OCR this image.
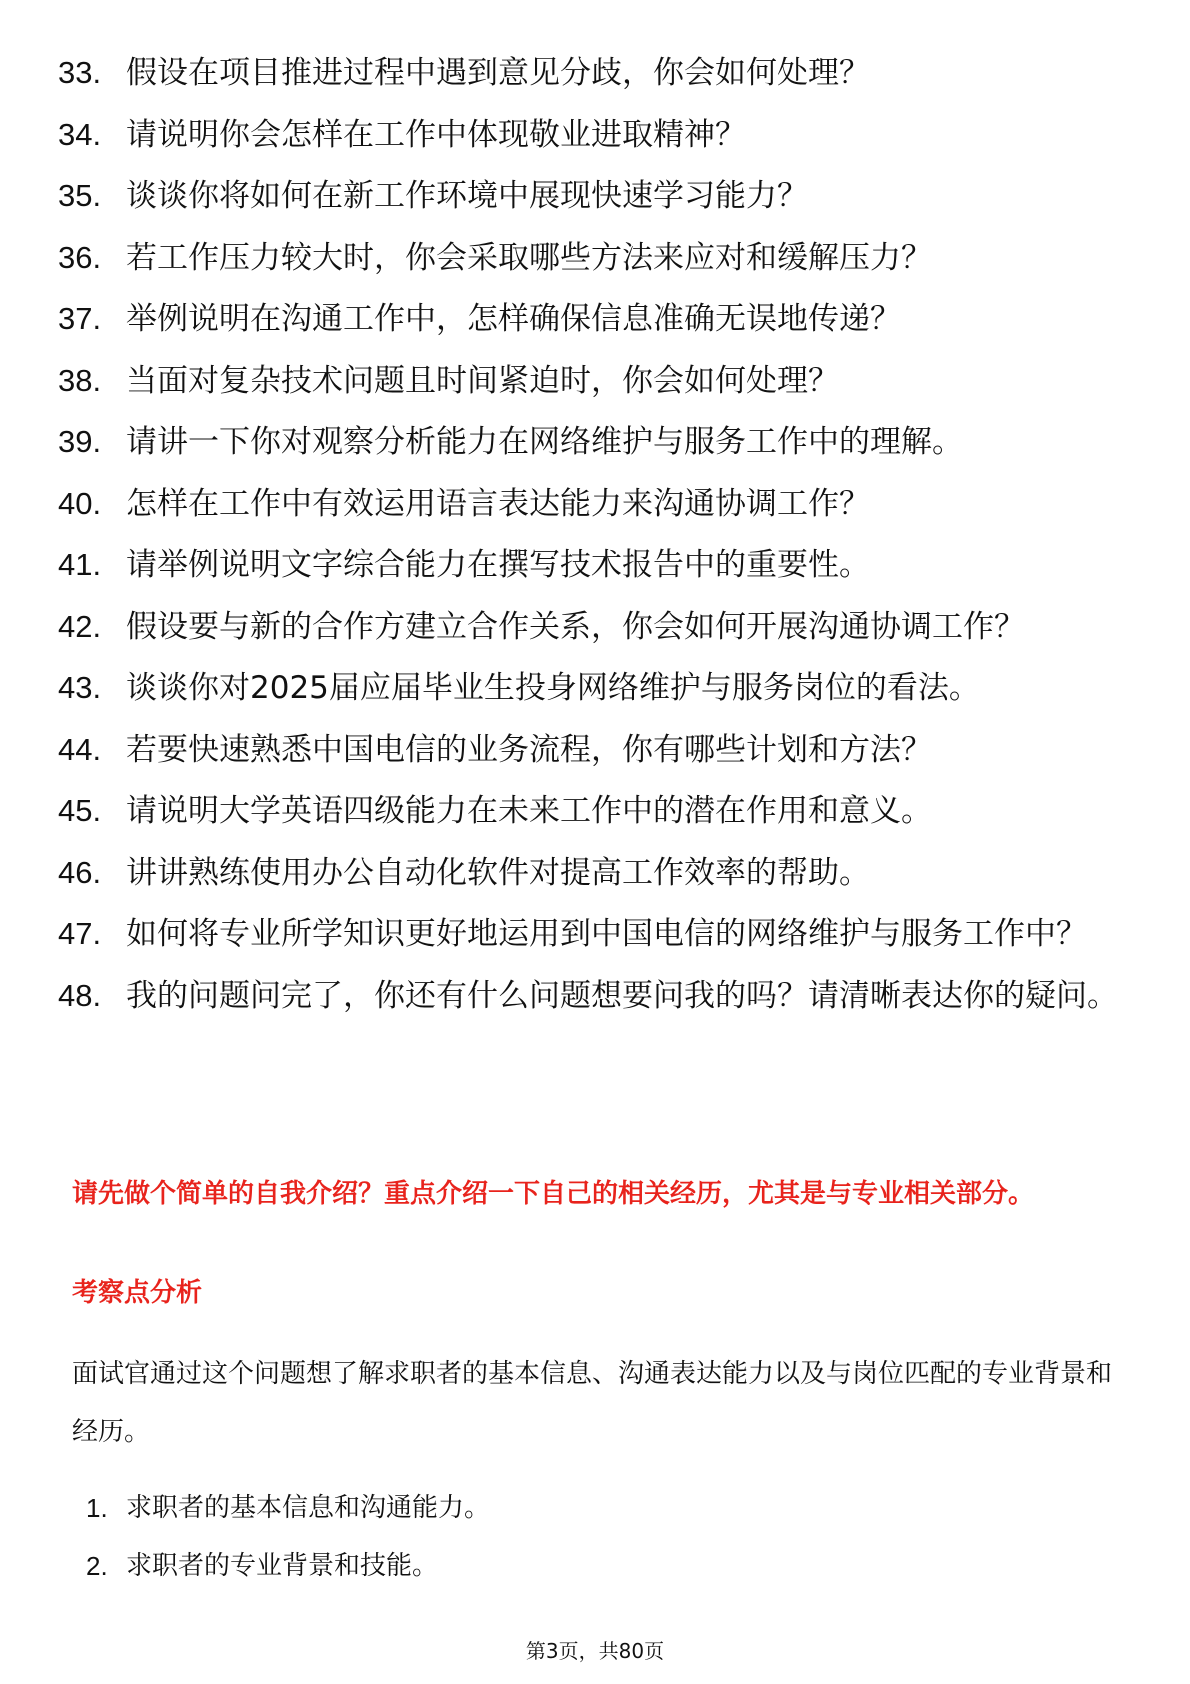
33. 假设在项目推进过程中遇到意见分歧，你会如何处理？
34. 请说明你会怎样在工作中体现敬业进取精神？
35. 谈谈你将如何在新工作环境中展现快速学习能力？
36. 若工作压力较大时，你会采取哪些方法来应对和缓解压力？
37. 举例说明在沟通工作中，怎样确保信息准确无误地传递？
38. 当面对复杂技术问题且时间紧迫时，你会如何处理？
39. 请讲一下你对观察分析能力在网络维护与服务工作中的理解。
40. 怎样在工作中有效运用语言表达能力来沟通协调工作？
41. 请举例说明文字综合能力在撰写技术报告中的重要性。
42. 假设要与新的合作方建立合作关系，你会如何开展沟通协调工作？
43. 谈谈你对2025届应届毕业生投身网络维护与服务岗位的看法。
44. 若要快速熟悉中国电信的业务流程，你有哪些计划和方法？
45. 请说明大学英语四级能力在未来工作中的潜在作用和意义。
46. 讲讲熟练使用办公自动化软件对提高工作效率的帮助。
47. 如何将专业所学知识更好地运用到中国电信的网络维护与服务工作中？
48. 我的问题问完了，你还有什么问题想要问我的吗？请清晰表达你的疑问。

请先做个简单的自我介绍？重点介绍一下自己的相关经历，尤其是与专业相关部分。

考察点分析

面试官通过这个问题想了解求职者的基本信息、沟通表达能力以及与岗位匹配的专业背景和经历。

1. 求职者的基本信息和沟通能力。
2. 求职者的专业背景和技能。

第3页，共80页
